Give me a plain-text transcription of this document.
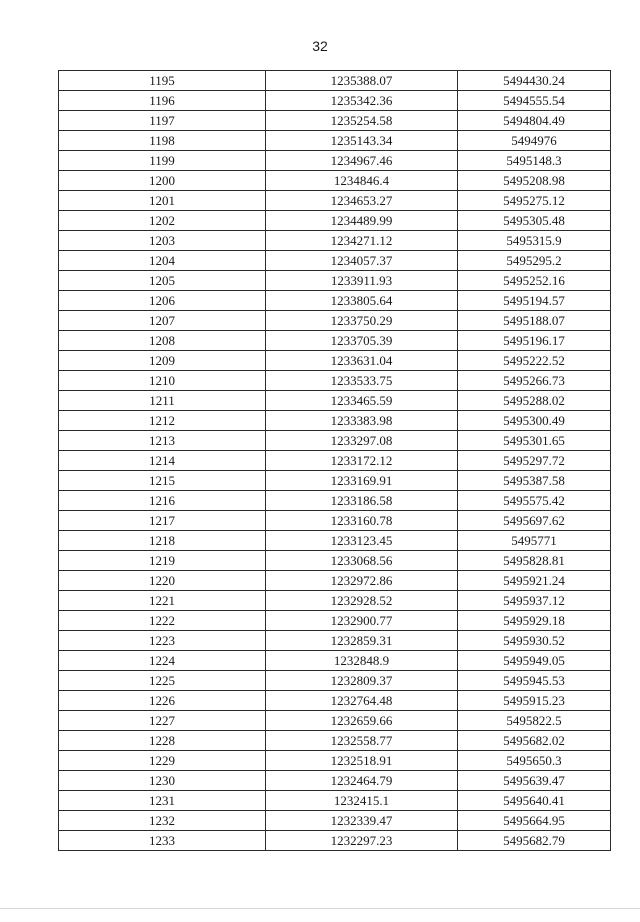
32
1195	1235388.07	5494430.24
1196	1235342.36	5494555.54
1197	1235254.58	5494804.49
1198	1235143.34	5494976
1199	1234967.46	5495148.3
1200	1234846.4	5495208.98
1201	1234653.27	5495275.12
1202	1234489.99	5495305.48
1203	1234271.12	5495315.9
1204	1234057.37	5495295.2
1205	1233911.93	5495252.16
1206	1233805.64	5495194.57
1207	1233750.29	5495188.07
1208	1233705.39	5495196.17
1209	1233631.04	5495222.52
1210	1233533.75	5495266.73
1211	1233465.59	5495288.02
1212	1233383.98	5495300.49
1213	1233297.08	5495301.65
1214	1233172.12	5495297.72
1215	1233169.91	5495387.58
1216	1233186.58	5495575.42
1217	1233160.78	5495697.62
1218	1233123.45	5495771
1219	1233068.56	5495828.81
1220	1232972.86	5495921.24
1221	1232928.52	5495937.12
1222	1232900.77	5495929.18
1223	1232859.31	5495930.52
1224	1232848.9	5495949.05
1225	1232809.37	5495945.53
1226	1232764.48	5495915.23
1227	1232659.66	5495822.5
1228	1232558.77	5495682.02
1229	1232518.91	5495650.3
1230	1232464.79	5495639.47
1231	1232415.1	5495640.41
1232	1232339.47	5495664.95
1233	1232297.23	5495682.79
